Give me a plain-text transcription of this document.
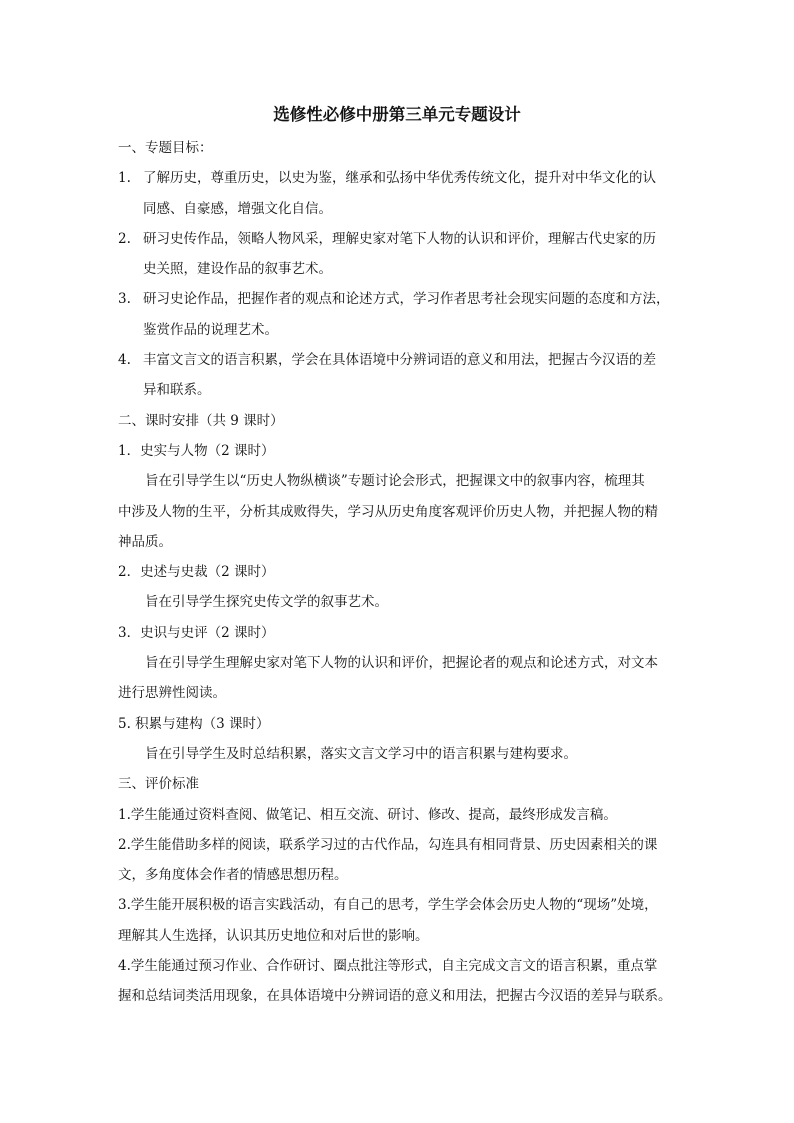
选修性必修中册第三单元专题设计
一、专题目标：
1. 了解历史，尊重历史，以史为鉴，继承和弘扬中华优秀传统文化，提升对中华文化的认
同感、自豪感，增强文化自信。
2. 研习史传作品，领略人物风采，理解史家对笔下人物的认识和评价，理解古代史家的历
史关照，建设作品的叙事艺术。
3. 研习史论作品，把握作者的观点和论述方式，学习作者思考社会现实问题的态度和方法，
鉴赏作品的说理艺术。
4. 丰富文言文的语言积累，学会在具体语境中分辨词语的意义和用法，把握古今汉语的差
异和联系。
二、课时安排（共 9 课时）
1．史实与人物（2 课时）
旨在引导学生以“历史人物纵横谈”专题讨论会形式，把握课文中的叙事内容，梳理其
中涉及人物的生平，分析其成败得失，学习从历史角度客观评价历史人物，并把握人物的精
神品质。
2．史述与史裁（2 课时）
旨在引导学生探究史传文学的叙事艺术。
3．史识与史评（2 课时）
旨在引导学生理解史家对笔下人物的认识和评价，把握论者的观点和论述方式，对文本
进行思辨性阅读。
5. 积累与建构（3 课时）
旨在引导学生及时总结积累，落实文言文学习中的语言积累与建构要求。
三、评价标准
1.学生能通过资料查阅、做笔记、相互交流、研讨、修改、提高，最终形成发言稿。
2.学生能借助多样的阅读，联系学习过的古代作品，勾连具有相同背景、历史因素相关的课
文，多角度体会作者的情感思想历程。
3.学生能开展积极的语言实践活动，有自己的思考，学生学会体会历史人物的“现场”处境，
理解其人生选择，认识其历史地位和对后世的影响。
4.学生能通过预习作业、合作研讨、圈点批注等形式，自主完成文言文的语言积累，重点掌
握和总结词类活用现象，在具体语境中分辨词语的意义和用法，把握古今汉语的差异与联系。
